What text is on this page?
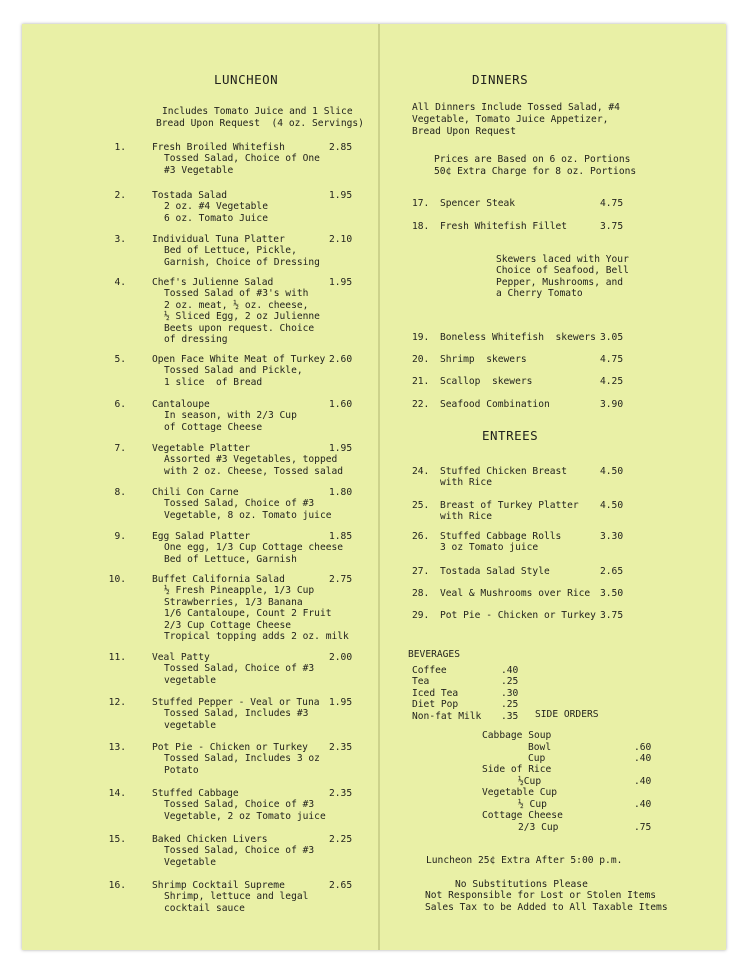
LUNCHEON
Includes Tomato Juice and 1 Slice
Bread Upon Request  (4 oz. Servings)
1.	Fresh Broiled Whitefish	2.85
Tossed Salad, Choice of One
#3 Vegetable
2.	Tostada Salad	1.95
2 oz. #4 Vegetable
6 oz. Tomato Juice
3.	Individual Tuna Platter	2.10
Bed of Lettuce, Pickle,
Garnish, Choice of Dressing
4.	Chef's Julienne Salad	1.95
Tossed Salad of #3's with
2 oz. meat, ½ oz. cheese,
½ Sliced Egg, 2 oz Julienne
Beets upon request. Choice
of dressing
5.	Open Face White Meat of Turkey 2.60
Tossed Salad and Pickle,
1 slice  of Bread
6.	Cantaloupe	1.60
In season, with 2/3 Cup
of Cottage Cheese
7.	Vegetable Platter	1.95
Assorted #3 Vegetables, topped
with 2 oz. Cheese, Tossed salad
8.	Chili Con Carne	1.80
Tossed Salad, Choice of #3
Vegetable, 8 oz. Tomato juice
9.	Egg Salad Platter	1.85
One egg, 1/3 Cup Cottage cheese
Bed of Lettuce, Garnish
10.	Buffet California Salad	2.75
½ Fresh Pineapple, 1/3 Cup
Strawberries, 1/3 Banana
1/6 Cantaloupe, Count 2 Fruit
2/3 Cup Cottage Cheese
Tropical topping adds 2 oz. milk
11.	Veal Patty	2.00
Tossed Salad, Choice of #3
vegetable
12.	Stuffed Pepper - Veal or Tuna 1.95
Tossed Salad, Includes #3
vegetable
13.	Pot Pie - Chicken or Turkey 2.35
Tossed Salad, Includes 3 oz
Potato
14.	Stuffed Cabbage	2.35
Tossed Salad, Choice of #3
Vegetable, 2 oz Tomato juice
15.	Baked Chicken Livers	2.25
Tossed Salad, Choice of #3
Vegetable
16.	Shrimp Cocktail Supreme	2.65
Shrimp, lettuce and legal
cocktail sauce
DINNERS
All Dinners Include Tossed Salad, #4
Vegetable, Tomato Juice Appetizer,
Bread Upon Request
Prices are Based on 6 oz. Portions
50¢ Extra Charge for 8 oz. Portions
17. Spencer Steak	4.75
18. Fresh Whitefish Fillet	3.75
Skewers laced with Your
Choice of Seafood, Bell
Pepper, Mushrooms, and
a Cherry Tomato
19. Boneless Whitefish  skewers 3.05
20. Shrimp  skewers	4.75
21. Scallop  skewers	4.25
22. Seafood Combination	3.90
ENTREES
24. Stuffed Chicken Breast	4.50
with Rice
25. Breast of Turkey Platter 4.50
with Rice
26. Stuffed Cabbage Rolls	3.30
3 oz Tomato juice
27. Tostada Salad Style	2.65
28. Veal & Mushrooms over Rice 3.50
29. Pot Pie - Chicken or Turkey 3.75
BEVERAGES
Coffee	.40
Tea	.25
Iced Tea	.30
Diet Pop	.25
Non-fat Milk .35 SIDE ORDERS
Cabbage Soup
Bowl	.60
Cup	.40
Side of Rice
½Cup	.40
Vegetable Cup
½ Cup	.40
Cottage Cheese
2/3 Cup	.75
Luncheon 25¢ Extra After 5:00 p.m.
No Substitutions Please
Not Responsible for Lost or Stolen Items
Sales Tax to be Added to All Taxable Items
